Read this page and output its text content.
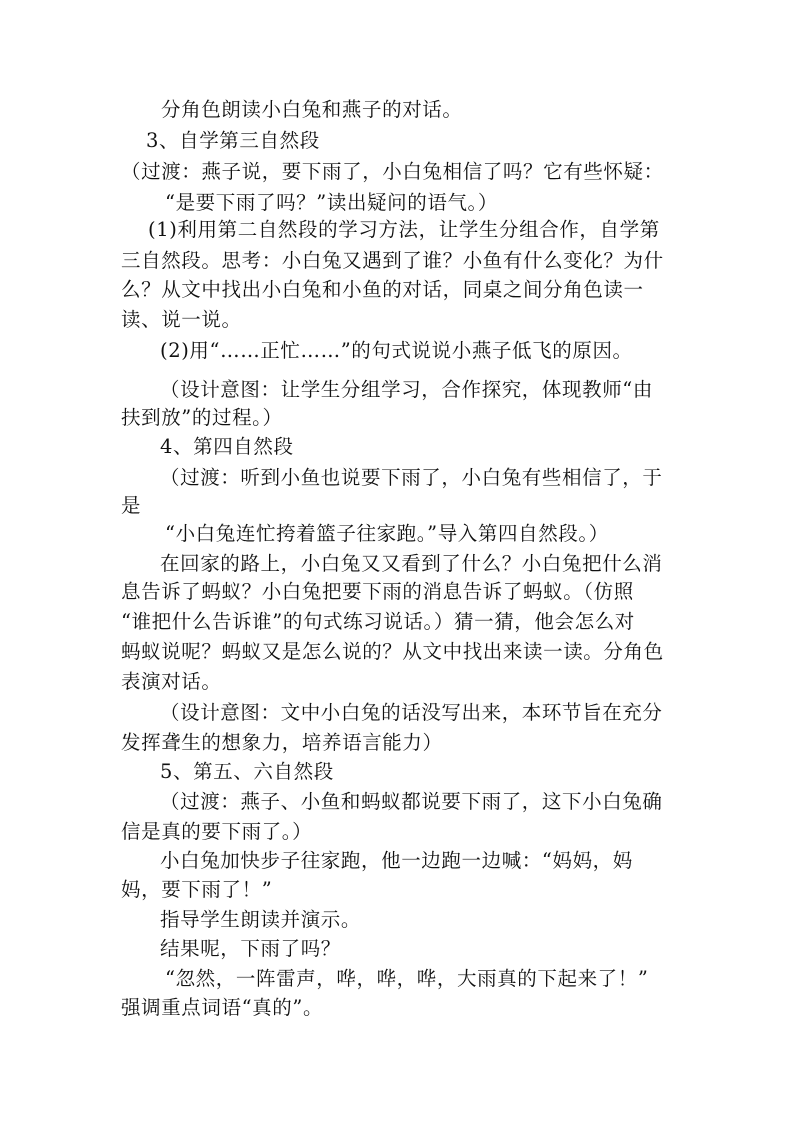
分角色朗读小白兔和燕子的对话。
3、自学第三自然段
（过渡：燕子说，要下雨了，小白兔相信了吗？它有些怀疑：
“是要下雨了吗？”读出疑问的语气。）
(1)利用第二自然段的学习方法，让学生分组合作，自学第
三自然段。思考：小白兔又遇到了谁？小鱼有什么变化？为什
么？从文中找出小白兔和小鱼的对话，同桌之间分角色读一
读、说一说。
(2)用“……正忙……”的句式说说小燕子低飞的原因。
（设计意图：让学生分组学习，合作探究，体现教师“由
扶到放”的过程。）
4、第四自然段
（过渡：听到小鱼也说要下雨了，小白兔有些相信了，于
是
“小白兔连忙挎着篮子往家跑。”导入第四自然段。）
在回家的路上，小白兔又又看到了什么？小白兔把什么消
息告诉了蚂蚁？小白兔把要下雨的消息告诉了蚂蚁。（仿照
“谁把什么告诉谁”的句式练习说话。）猜一猜，他会怎么对
蚂蚁说呢？蚂蚁又是怎么说的？从文中找出来读一读。分角色
表演对话。
（设计意图：文中小白兔的话没写出来，本环节旨在充分
发挥聋生的想象力，培养语言能力）
5、第五、六自然段
（过渡：燕子、小鱼和蚂蚁都说要下雨了，这下小白兔确
信是真的要下雨了。）
小白兔加快步子往家跑，他一边跑一边喊：“妈妈，妈
妈，要下雨了！”
指导学生朗读并演示。
结果呢，下雨了吗？
“忽然，一阵雷声，哗，哗，哗，大雨真的下起来了！”
强调重点词语“真的”。
